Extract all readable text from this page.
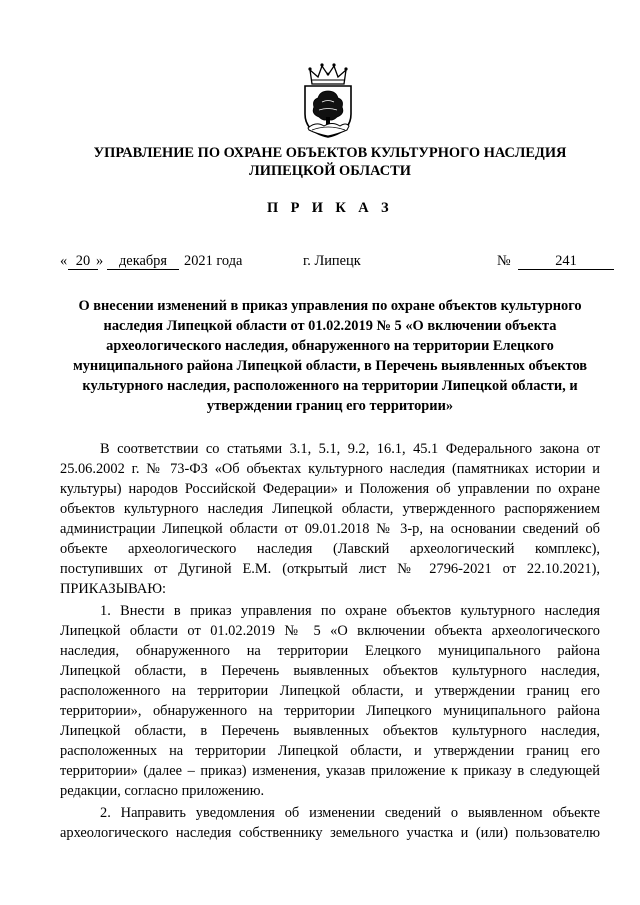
УПРАВЛЕНИЕ ПО ОХРАНЕ ОБЪЕКТОВ КУЛЬТУРНОГО НАСЛЕДИЯ
ЛИПЕЦКОЙ ОБЛАСТИ
П Р И К А З
« 20 »	декабря	2021 года	г. Липецк	№	241
О внесении изменений в приказ управления по охране объектов культурного
наследия Липецкой области от 01.02.2019 № 5 «О включении объекта
археологического наследия, обнаруженного на территории Елецкого
муниципального района Липецкой области, в Перечень выявленных объектов
культурного наследия, расположенного на территории Липецкой области, и
утверждении границ его территории»
В соответствии со статьями 3.1, 5.1, 9.2, 16.1, 45.1 Федерального закона от
25.06.2002 г. № 73-ФЗ «Об объектах культурного наследия (памятниках истории и
культуры) народов Российской Федерации» и Положения об управлении по охране
объектов культурного наследия Липецкой области, утвержденного распоряжением
администрации Липецкой области от 09.01.2018 № 3-р, на основании сведений об
объекте археологического наследия (Лавский археологический комплекс),
поступивших от Дугиной Е.М. (открытый лист № 2796-2021 от 22.10.2021),
ПРИКАЗЫВАЮ:
1. Внести в приказ управления по охране объектов культурного наследия
Липецкой области от 01.02.2019 № 5 «О включении объекта археологического
наследия, обнаруженного на территории Елецкого муниципального района
Липецкой области, в Перечень выявленных объектов культурного наследия,
расположенного на территории Липецкой области, и утверждении границ его
территории», обнаруженного на территории Липецкого муниципального района
Липецкой области, в Перечень выявленных объектов культурного наследия,
расположенных на территории Липецкой области, и утверждении границ его
территории» (далее – приказ) изменения, указав приложение к приказу в следующей
редакции, согласно приложению.
2. Направить уведомления об изменении сведений о выявленном объекте
археологического наследия собственнику земельного участка и (или) пользователю
